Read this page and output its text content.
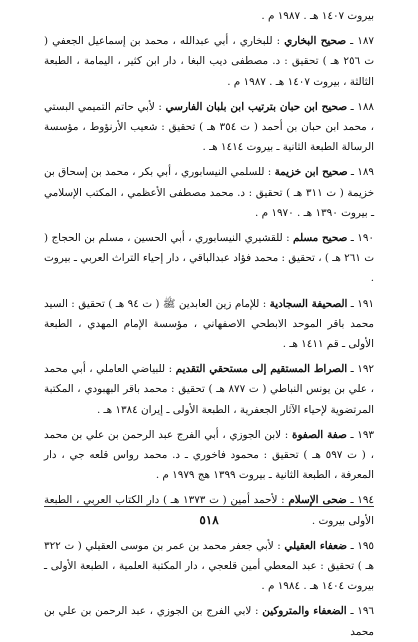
بيروت ١٤٠٧ هـ . ١٩٨٧ م .
١٨٧ ـ صحيح البخاري : للبخاري ، أبي عبدالله ، محمد بن إسماعيل الجعفي ( ت ٢٥٦ هـ ) تحقيق : د. مصطفى ديب البغا ، دار ابن كثير ، اليمامة ، الطبعة الثالثة ، بيروت ١٤٠٧ هـ . ١٩٨٧ م .
١٨٨ ـ صحيح ابن حبان بترتيب ابن بلبان الفارسي : لأبي حاتم التميمي البستي ، محمد ابن حبان بن أحمد ( ت ٣٥٤ هـ ) تحقيق : شعيب الأرنؤوط ، مؤسسة الرسالة الطبعة الثانية ـ بيروت ١٤١٤ هـ .
١٨٩ ـ صحيح ابن خزيمة : للسلمي النيسابوري ، أبي بكر ، محمد بن إسحاق بن خزيمة ( ت ٣١١ هـ ) تحقيق : د. محمد مصطفى الأعظمي ، المكتب الإسلامي ـ بيروت ١٣٩٠ هـ . ١٩٧٠ م .
١٩٠ ـ صحيح مسلم : للقشيري النيسابوري ، أبي الحسين ، مسلم بن الحجاج ( ت ٢٦١ هـ ) ، تحقيق : محمد فؤاد عبدالباقي ، دار إحياء التراث العربي ـ بيروت .
١٩١ ـ الصحيفة السجادية : للإمام زين العابدين ﷺ ( ت ٩٤ هـ ) تحقيق : السيد محمد باقر الموحد الابطحي الاصفهاني ، مؤسسة الإمام المهدي ، الطبعة الأولى ـ قم ١٤١١ هـ .
١٩٢ ـ الصراط المستقيم إلى مستحقي التقديم : للبياضي العاملي ، أبي محمد ، علي بن يونس النباطي ( ت ٨٧٧ هـ ) تحقيق : محمد باقر البهبودي ، المكتبة المرتضوية لإحياء الآثار الجعفرية ، الطبعة الأولى ـ إيران ١٣٨٤ هـ .
١٩٣ ـ صفة الصفوة : لابن الجوزي ، أبي الفرج عبد الرحمن بن علي بن محمد ، ( ت ٥٩٧ هـ ) تحقيق : محمود فاخوري ـ د. محمد رواس قلعه جي ، دار المعرفة ، الطبعة الثانية ـ بيروت ١٣٩٩ هج ١٩٧٩ م .
١٩٤ ـ ضحى الإسلام : لأحمد أمين ( ت ١٣٧٣ هـ ) دار الكتاب العربي ، الطبعة الأولى بيروت .
١٩٥ ـ ضعفاء العقيلي : لأبي جعفر محمد بن عمر بن موسى العقيلي ( ت ٣٢٢ هـ ) تحقيق : عبد المعطي أمين قلعجي ، دار المكتبة العلمية ، الطبعة الأولى ـ بيروت ١٤٠٤ هـ . ١٩٨٤ م .
١٩٦ ـ الضعفاء والمتروكين : لابي الفرج بن الجوزي ، عبد الرحمن بن علي بن محمد
٥١٨
